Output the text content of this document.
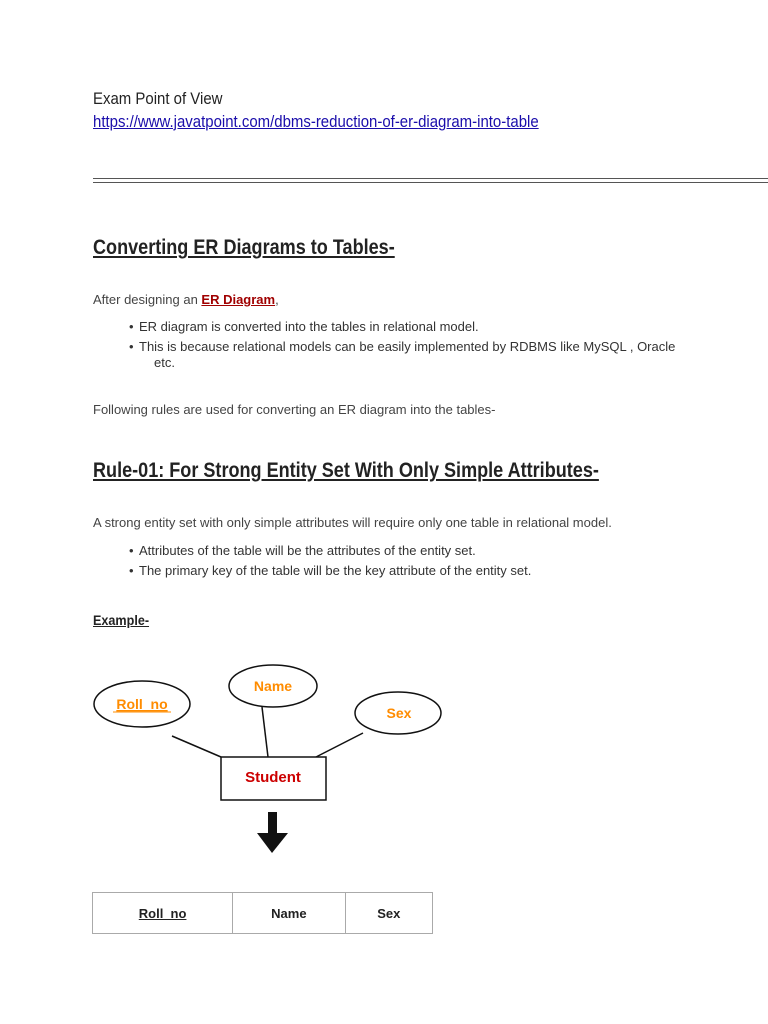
Exam Point of View
https://www.javatpoint.com/dbms-reduction-of-er-diagram-into-table
Converting ER Diagrams to Tables-
After designing an ER Diagram,
• ER diagram is converted into the tables in relational model.
• This is because relational models can be easily implemented by RDBMS like MySQL , Oracle
etc.
Following rules are used for converting an ER diagram into the tables-
Rule-01: For Strong Entity Set With Only Simple Attributes-
A strong entity set with only simple attributes will require only one table in relational model.
• Attributes of the table will be the attributes of the entity set.
• The primary key of the table will be the key attribute of the entity set.
Example-
Roll_no
Name
Sex
Student
Roll_no	Name	Sex
